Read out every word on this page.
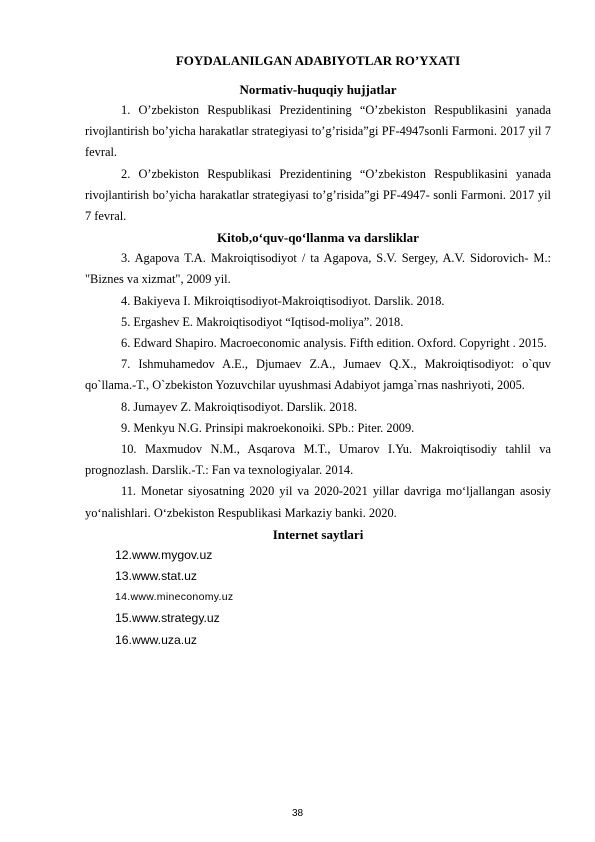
FOYDALANILGAN ADABIYOTLAR RO’YXATI
Normativ-huquqiy hujjatlar

1. O’zbekiston Respublikasi Prezidentining “O’zbekiston Respublikasini yanada rivojlantirish bo’yicha harakatlar strategiyasi to’g’risida”gi PF-4947sonli Farmoni. 2017 yil 7 fevral.

2. O’zbekiston Respublikasi Prezidentining “O’zbekiston Respublikasini yanada rivojlantirish bo’yicha harakatlar strategiyasi to’g’risida”gi PF-4947- sonli Farmoni. 2017 yil 7 fevral.

Kitob,o‘quv-qo‘llanma va darsliklar

3. Agapova T.A. Makroiqtisodiyot / ta Agapova, S.V. Sergey, A.V. Sidorovich- M.: "Biznes va xizmat", 2009 yil.

4. Bakiyeva I. Mikroiqtisodiyot-Makroiqtisodiyot. Darslik. 2018.

5. Ergashev E. Makroiqtisodiyot “Iqtisod-moliya”. 2018.

6. Edward Shapiro. Macroeconomic analysis. Fifth edition. Oxford. Copyright . 2015.

7. Ishmuhamedov A.E., Djumaev Z.A., Jumaev Q.X., Makroiqtisodiyot: o`quv qo`llama.-T., O`zbekiston Yozuvchilar uyushmasi Adabiyot jamga`rnas nashriyoti, 2005.

8. Jumayev Z. Makroiqtisodiyot. Darslik. 2018.

9. Menkyu N.G. Prinsipi makroekonoiki. SPb.: Piter. 2009.

10. Maxmudov N.M., Asqarova M.T., Umarov I.Yu. Makroiqtisodiy tahlil va prognozlash. Darslik.-T.: Fan va texnologiyalar. 2014.

11. Monetar siyosatning 2020 yil va 2020-2021 yillar davriga mo‘ljallangan asosiy yo‘nalishlari. O‘zbekiston Respublikasi Markaziy banki. 2020.

Internet saytlari
12.www.mygov.uz
13.www.stat.uz
14.www.mineconomy.uz
15.www.strategy.uz
16.www.uza.uz
38
